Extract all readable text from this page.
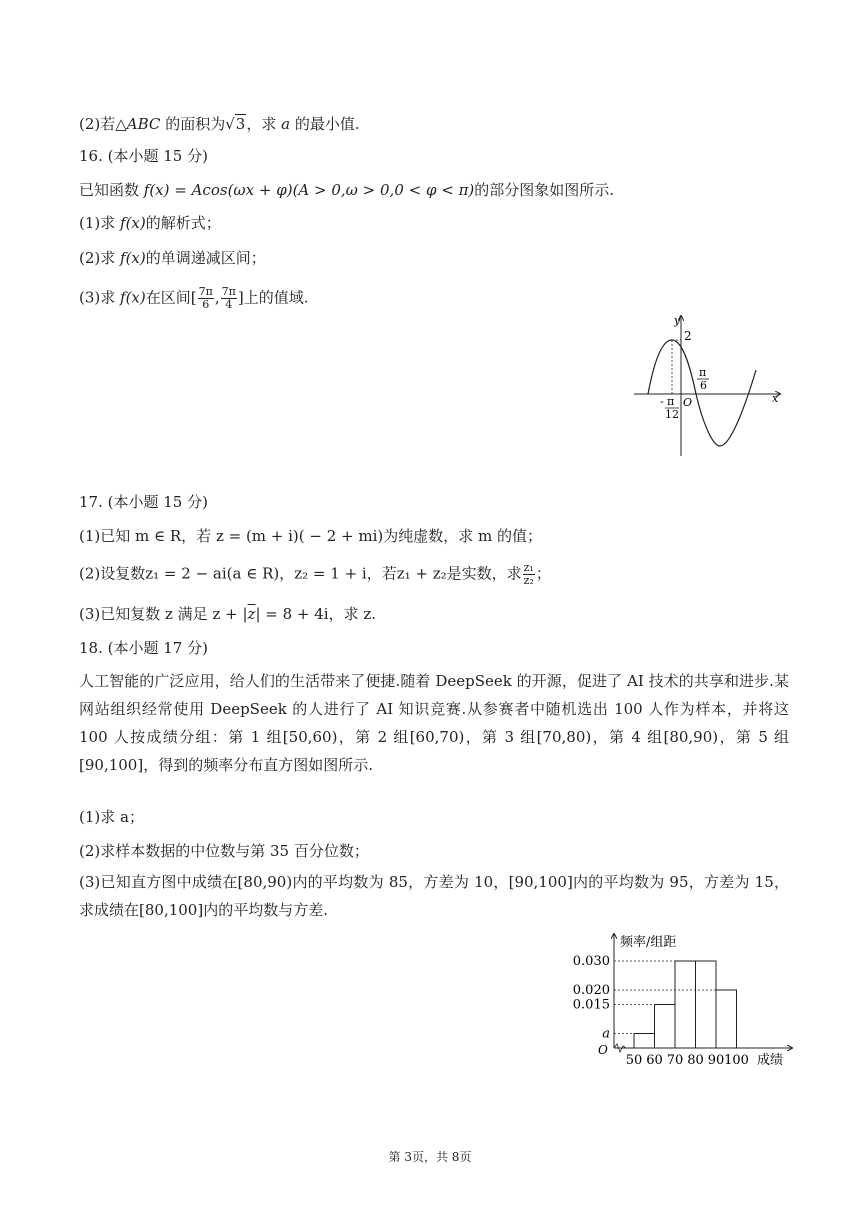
(2)若△ABC 的面积为√3，求 a 的最小值.
16. (本小题 15 分)
已知函数 f(x) = Acos(ωx + φ)(A > 0,ω > 0,0 < φ < π)的部分图象如图所示.
(1)求 f(x)的解析式；
(2)求 f(x)的单调递减区间；
(3)求 f(x)在区间[ $\frac{7\pi}{6}$ , $\frac{7\pi}{4}$ ]上的值域.
y
2
O	x
- π
12
π
6
17. (本小题 15 分)
(1)已知 m ∈ R，若 z = (m + i)( − 2 + mi)为纯虚数，求 m 的值；
(2)设复数z₁ = 2 − ai(a ∈ R)，z₂ = 1 + i，若z₁ + z₂是实数，求 $\frac{\text{z₁}}{\text{z₂}}$ ；
(3)已知复数 z 满足 $z + |\overline{z}| = 8 + 4i$，求 z.
18. (本小题 17 分)
人工智能的广泛应用，给人们的生活带来了便捷.随着 DeepSeek 的开源，促进了 AI 技术的共享和进步.某网站组织经常使用 DeepSeek 的人进行了 AI 知识竞赛.从参赛者中随机选出 100 人作为样本，并将这 100 人按成绩分组：第 1 组[50,60)，第 2 组[60,70)，第 3 组[70,80)，第 4 组[80,90)，第 5 组[90,100]，得到的频率分布直方图如图所示.
(1)求 a；
(2)求样本数据的中位数与第 35 百分位数；
(3)已知直方图中成绩在[80,90)内的平均数为 85，方差为 10，[90,100]内的平均数为 95，方差为 15，求成绩在[80,100]内的平均数与方差.
频率/组距
成绩
O
a
0.015
0.020
0.030
50 60 70 80 90 100
第 3页，共 8页
